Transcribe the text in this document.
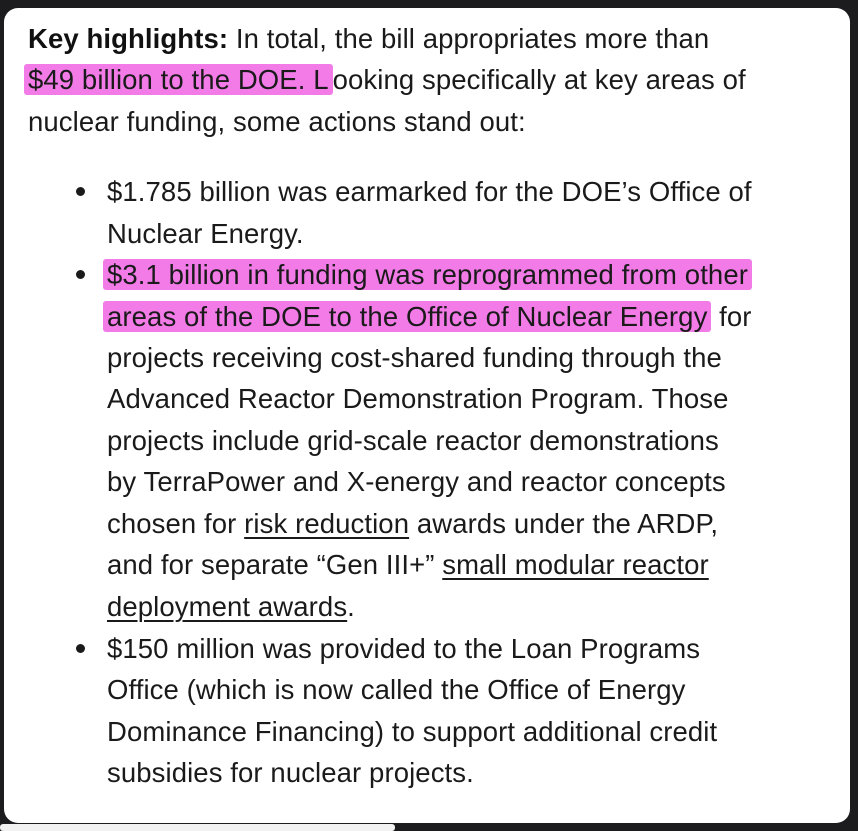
Key highlights: In total, the bill appropriates more than
$49 billion to the DOE. L ooking specifically at key areas of
nuclear funding, some actions stand out:
$1.785 billion was earmarked for the DOE’s Office of
Nuclear Energy.
$3.1 billion in funding was reprogrammed from other
areas of the DOE to the Office of Nuclear Energy for
projects receiving cost-shared funding through the
Advanced Reactor Demonstration Program. Those
projects include grid-scale reactor demonstrations
by TerraPower and X-energy and reactor concepts
chosen for risk reduction awards under the ARDP,
and for separate “Gen III+” small modular reactor
deployment awards.
$150 million was provided to the Loan Programs
Office (which is now called the Office of Energy
Dominance Financing) to support additional credit
subsidies for nuclear projects.
